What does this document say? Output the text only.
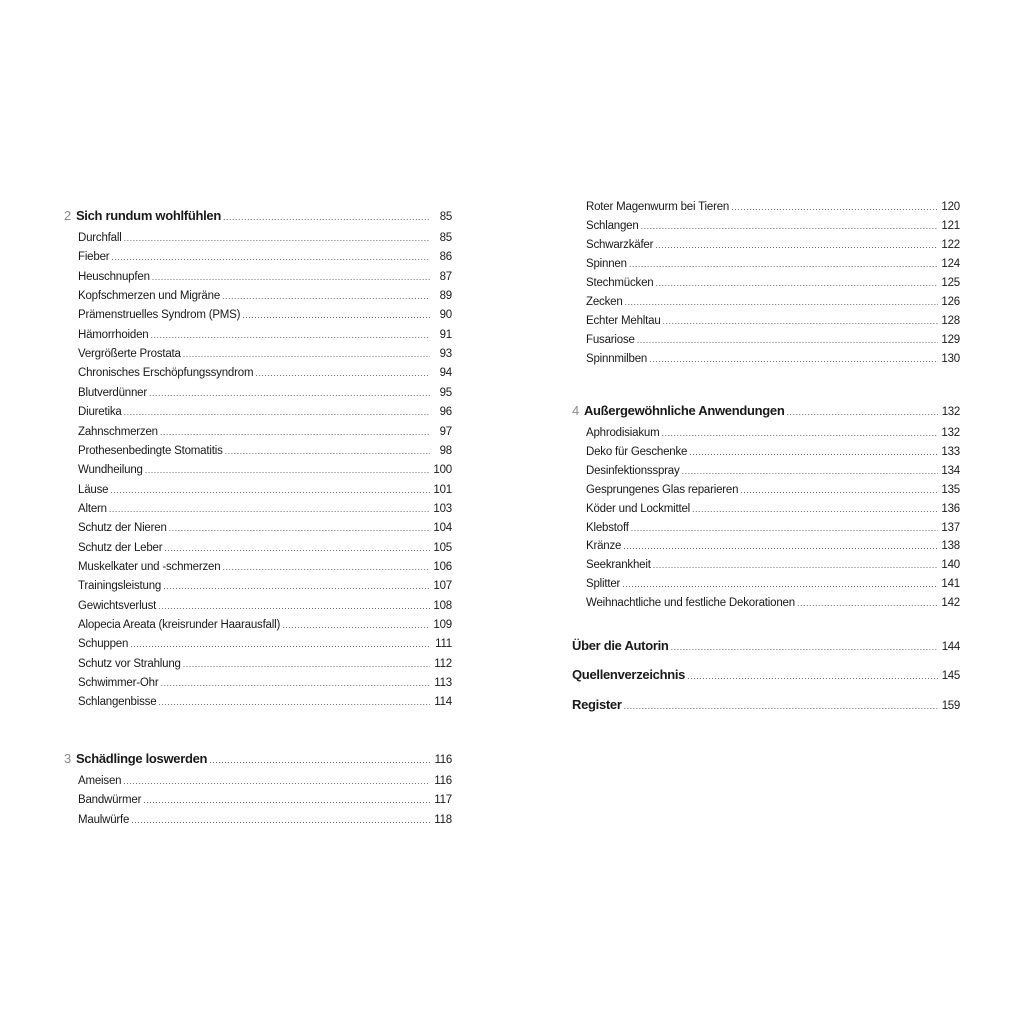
2 Sich rundum wohlfühlen .....	85
Durchfall .....	85
Fieber .....	86
Heuschnupfen .....	87
Kopfschmerzen und Migräne .....	89
Prämenstruelles Syndrom (PMS) .....	90
Hämorrhoiden .....	91
Vergrößerte Prostata .....	93
Chronisches Erschöpfungssyndrom .....	94
Blutverdünner .....	95
Diuretika .....	96
Zahnschmerzen .....	97
Prothesenbedingte Stomatitis .....	98
Wundheilung .....	100
Läuse .....	101
Altern .....	103
Schutz der Nieren .....	104
Schutz der Leber .....	105
Muskelkater und -schmerzen .....	106
Trainingsleistung .....	107
Gewichtsverlust .....	108
Alopecia Areata (kreisrunder Haarausfall) .....	109
Schuppen .....	111
Schutz vor Strahlung .....	112
Schwimmer-Ohr .....	113
Schlangenbisse .....	114
3 Schädlinge loswerden .....	116
Ameisen .....	116
Bandwürmer .....	117
Maulwürfe .....	118
Roter Magenwurm bei Tieren .....	120
Schlangen .....	121
Schwarzkäfer .....	122
Spinnen .....	124
Stechmücken .....	125
Zecken .....	126
Echter Mehltau .....	128
Fusariose .....	129
Spinnmilben .....	130
4 Außergewöhnliche Anwendungen .....	132
Aphrodisiakum .....	132
Deko für Geschenke .....	133
Desinfektionsspray .....	134
Gesprungenes Glas reparieren .....	135
Köder und Lockmittel .....	136
Klebstoff .....	137
Kränze .....	138
Seekrankheit .....	140
Splitter .....	141
Weihnachtliche und festliche Dekorationen .....	142
Über die Autorin .....	144
Quellenverzeichnis .....	145
Register .....	159
